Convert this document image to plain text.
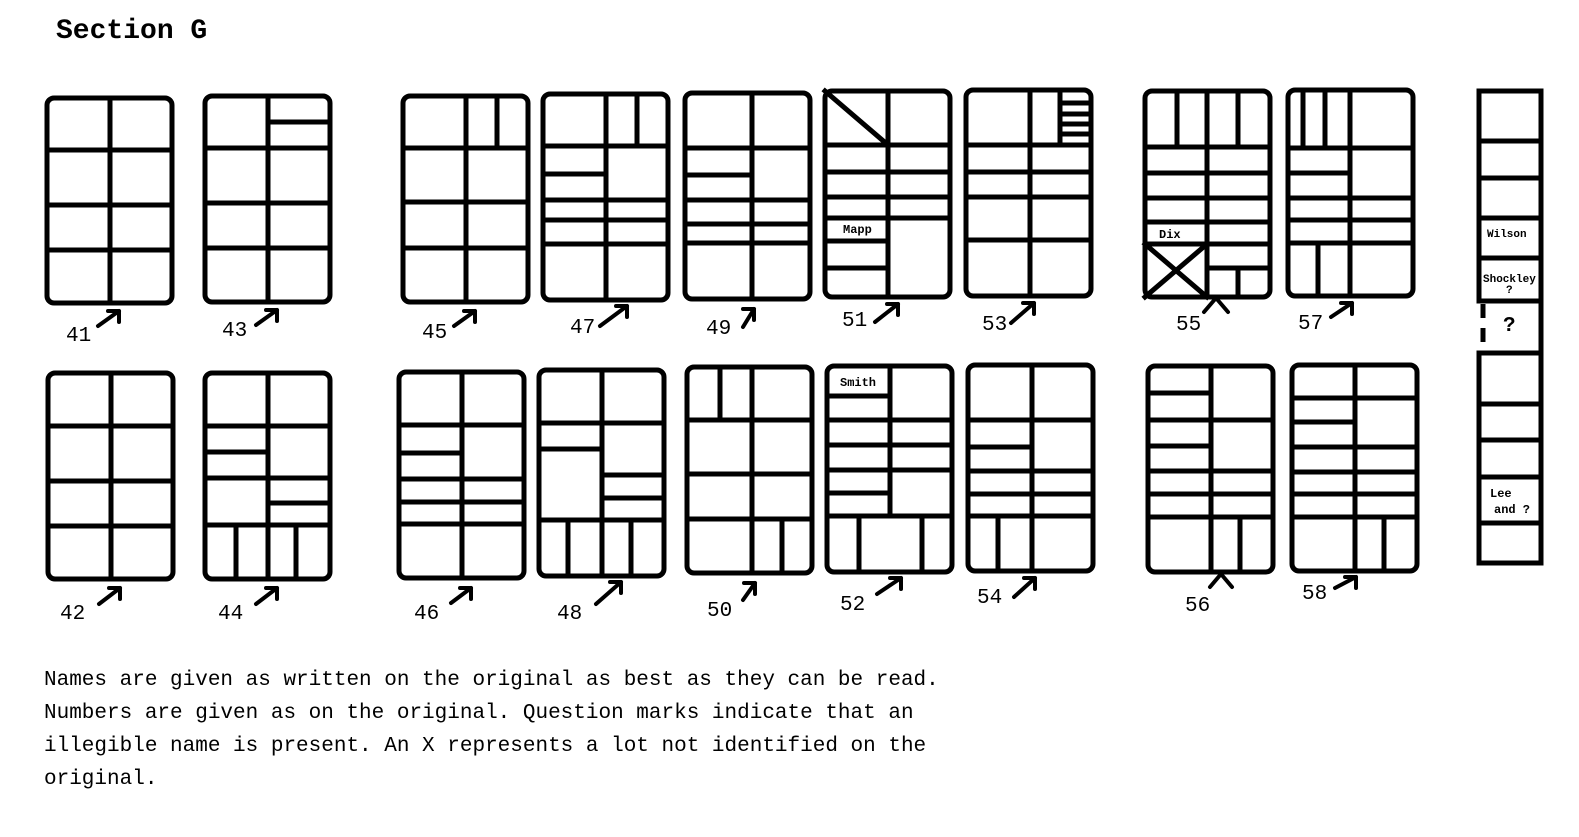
Section G
41
42
43
44
45
46
47
48
49
50
51
52
53
54
55
56
57
58
Mapp
Smith
Dix	Wilson
Shockley
?
?
Lee
and ?

Names are given as written on the original as best as they can be read.

Numbers are given as on the original. Question marks indicate that an

illegible name is present. An X represents a lot not identified on the

original.
